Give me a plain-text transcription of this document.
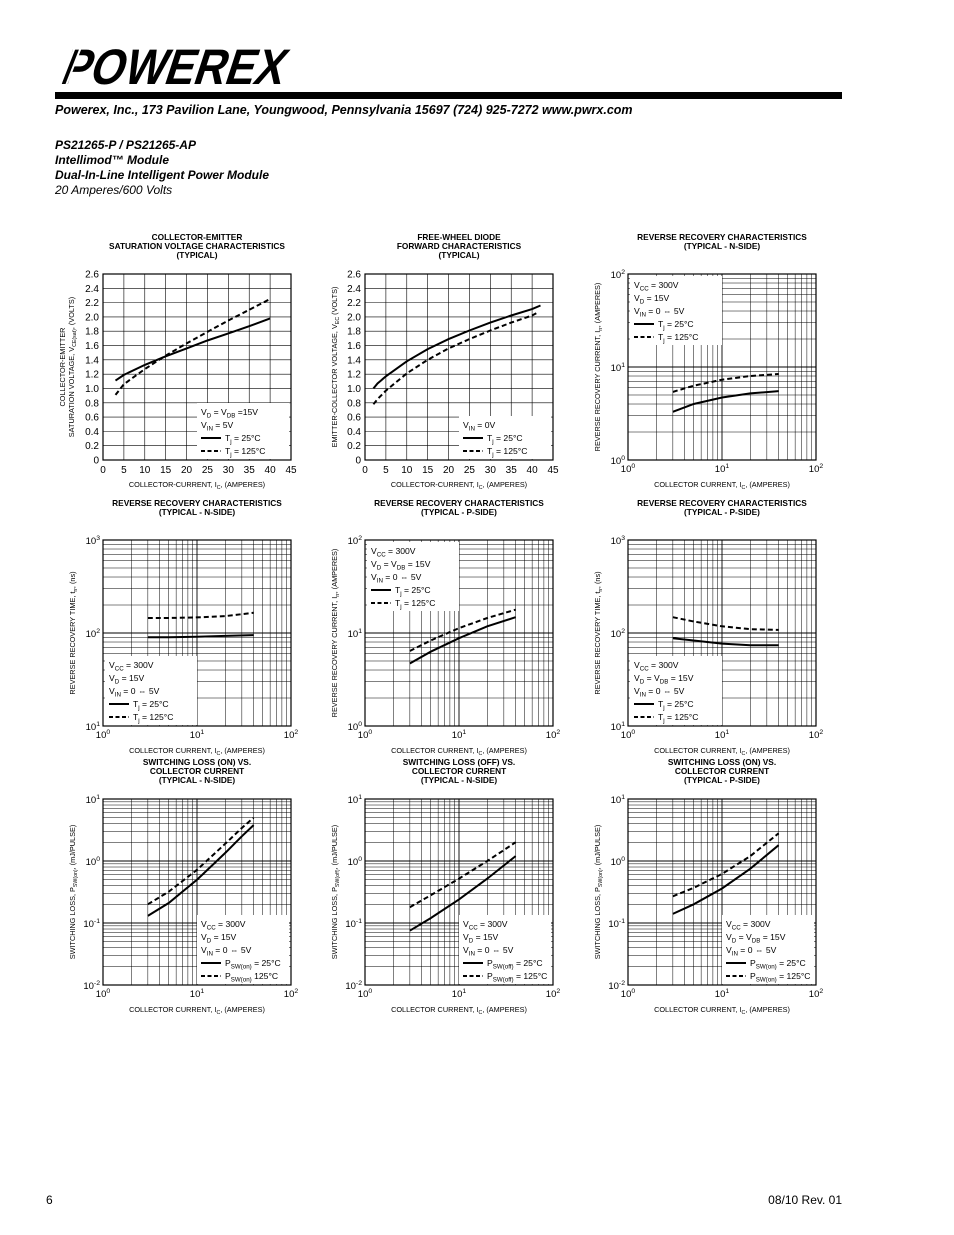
POWEREX
Powerex, Inc., 173 Pavilion Lane, Youngwood, Pennsylvania 15697 (724) 925-7272 www.pwrx.com
PS21265-P / PS21265-AP
Intellimod™ Module
Dual-In-Line Intelligent Power Module
20 Amperes/600 Volts
COLLECTOR-EMITTER
SATURATION VOLTAGE CHARACTERISTICS
(TYPICAL)
0 5 10 15 20 25 30 35 40 45
0
0.2
0.4
0.6
0.8
1.0
1.2
1.4
1.6
1.8
2.0
2.2
2.4
2.6
COLLECTOR-CURRENT, $I_C$, (AMPERES)
COLLECTOR-EMITTER SATURATION VOLTAGE, $V_{CE(sat)}$, (VOLTS)
$V_D = V_{DB} =15V$
$V_{IN} = 5V$
$T_j = 25^\circ C$
$T_j = 125^\circ C$
FREE-WHEEL DIODE
FORWARD CHARACTERISTICS
(TYPICAL)
0 5 10 15 20 25 30 35 40 45
0
0.2
0.4
0.6
0.8
1.0
1.2
1.4
1.6
1.8
2.0
2.2
2.4
2.6
COLLECTOR-CURRENT, $I_C$, (AMPERES)
EMITTER-COLLECTOR VOLTAGE, $V_{EC}$ (VOLTS)
$V_{IN} = 0V$
$T_j = 25^\circ C$
$T_j = 125^\circ C$
REVERSE RECOVERY CHARACTERISTICS
(TYPICAL - N-SIDE)
$10^0$	$10^1$	$10^2$
$10^0$
$10^1$
$10^2$
COLLECTOR CURRENT, $I_C$, (AMPERES)
REVERSE RECOVERY CURRENT, $I_{rr}$, (AMPERES)	$V_{CC} = 300V$
$V_D = 15V$
$V_{IN} = 0$ ⇔ 5V
$T_j = 25^\circ C$
$T_j = 125^\circ C$
REVERSE RECOVERY CHARACTERISTICS
(TYPICAL - N-SIDE)
$10^0$	$10^1$	$10^2$
$10^1$
$10^2$
$10^3$
COLLECTOR CURRENT, $I_C$, (AMPERES)
REVERSE RECOVERY TIME, $t_{rr}$, (ns)
$V_{CC} = 300V$
$V_D = 15V$
$V_{IN} = 0$ ⇔ 5V
$T_j = 25^\circ C$
$T_j = 125^\circ C$
REVERSE RECOVERY CHARACTERISTICS
(TYPICAL - P-SIDE)
$10^0$	$10^1$	$10^2$
$10^0$
$10^1$
$10^2$
COLLECTOR CURRENT, $I_C$, (AMPERES)
REVERSE RECOVERY CURRENT, $I_{rr}$, (AMPERES)	$V_{CC} = 300V$
$V_D = V_{DB} = 15V$
$V_{IN} = 0$ ⇔ 5V
$T_j = 25^\circ C$
$T_j = 125^\circ C$
REVERSE RECOVERY CHARACTERISTICS
(TYPICAL - P-SIDE)
$10^0$	$10^1$	$10^2$
$10^1$
$10^2$
$10^3$
COLLECTOR CURRENT, $I_C$, (AMPERES)
REVERSE RECOVERY TIME, $t_{rr}$, (ns)
$V_{CC} = 300V$
$V_D = V_{DB} = 15V$
$V_{IN} = 0$ ⇔ 5V
$T_j = 25^\circ C$
$T_j = 125^\circ C$
SWITCHING LOSS (ON) VS.
COLLECTOR CURRENT
(TYPICAL - N-SIDE)
$10^0$	$10^1$	$10^2$
$10^{-2}$
$10^{-1}$
$10^0$
$10^1$
COLLECTOR CURRENT, $I_C$, (AMPERES)
SWITCHING LOSS, $P_{SW(on)}$, (mJ/PULSE)
$V_{CC} = 300V$
$V_D = 15V$
$V_{IN} = 0$ ⇔ 5V
$P_{SW(on)} = 25^\circ C$
$P_{SW(on)}$ 125°C
SWITCHING LOSS (OFF) VS.
COLLECTOR CURRENT
(TYPICAL - N-SIDE)
$10^0$	$10^1$	$10^2$
$10^{-2}$
$10^{-1}$
$10^0$
$10^1$
COLLECTOR CURRENT, $I_C$, (AMPERES)
SWITCHING LOSS, $P_{SW(off)}$, (mJ/PULSE)
$V_{CC} = 300V$
$V_D = 15V$
$V_{IN} = 0$ ⇔ 5V
$P_{SW(off)} = 25^\circ C$
$P_{SW(off)} = 125^\circ C$
SWITCHING LOSS (ON) VS.
COLLECTOR CURRENT
(TYPICAL - P-SIDE)
$10^0$	$10^1$	$10^2$
$10^{-2}$
$10^{-1}$
$10^0$
$10^1$
COLLECTOR CURRENT, $I_C$, (AMPERES)
SWITCHING LOSS, $P_{SW(on)}$, (mJ/PULSE)
$V_{CC} = 300V$
$V_D = V_{DB} = 15V$
$V_{IN} = 0$ ⇔ 5V
$P_{SW(on)} = 25^\circ C$
$P_{SW(on)} = 125^\circ C$
6	08/10 Rev. 01
